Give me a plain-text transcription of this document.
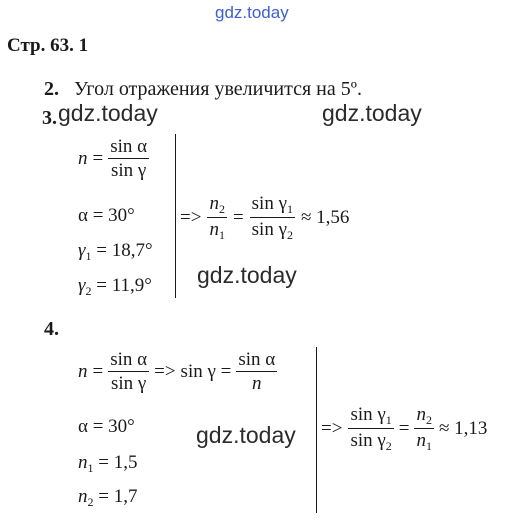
gdz.today
Стр. 63. 1
2. Угол отражения увеличится на 5º.
3. gdz.today	gdz.today
$n = \frac{\text{sin α}}{\text{sin γ}}$
α = 30°
$\gamma_1 = 18,7^\circ$
$\gamma_2 = 11,9^\circ$
=> $\frac{n_2}{n_1} = \frac{\sin \gamma_1}{\sin \gamma_2} \approx 1,56$
gdz.today
4.
$n = \frac{\text{sin α}}{\text{sin γ}} => \sin \gamma = \frac{\text{sin α}}{n}$
α = 30°
$n_1 = 1,5$
$n_2 = 1,7$
gdz.today => $\frac{\sin \gamma_1}{\sin \gamma_2} = \frac{n_2}{n_1} \approx 1,13$
